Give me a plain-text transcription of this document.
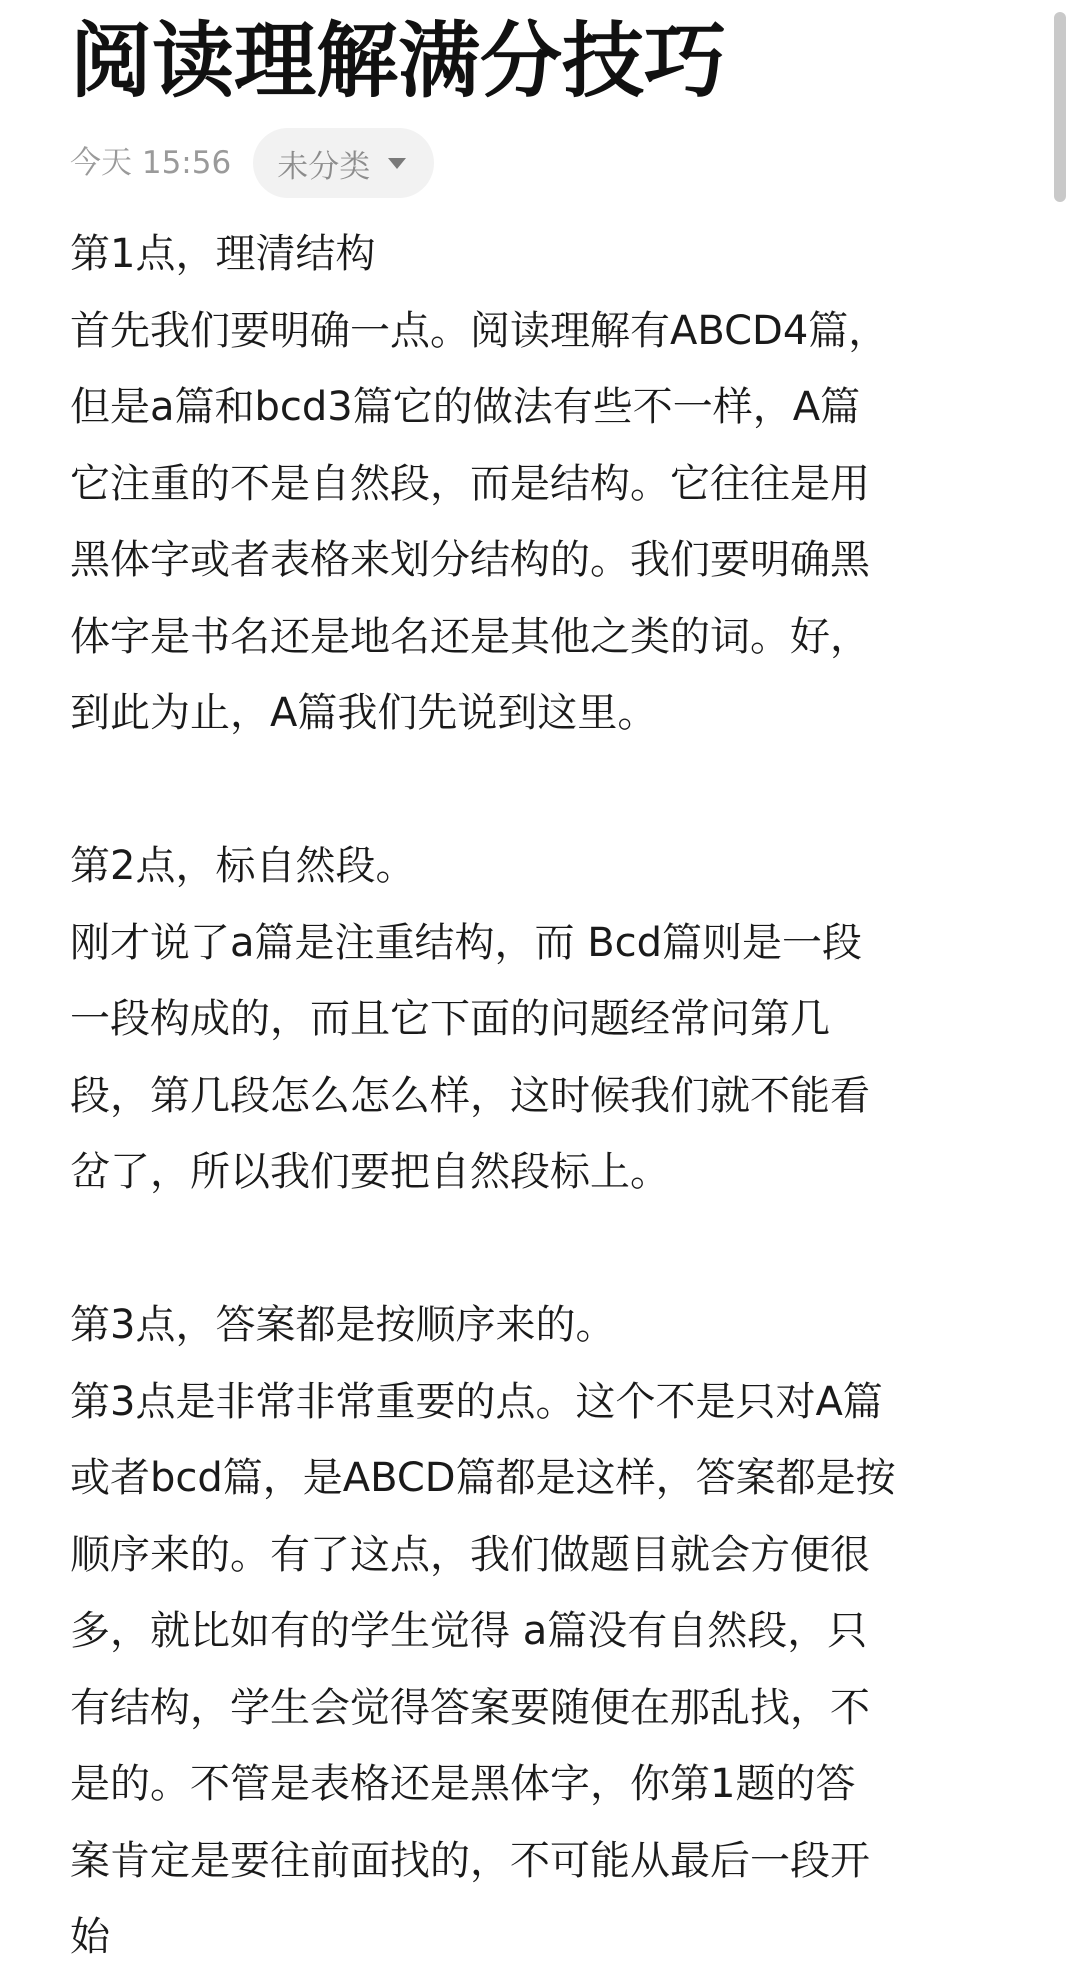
阅读理解满分技巧
今天 15:56 未分类
第1点，理清结构
首先我们要明确一点。阅读理解有ABCD4篇，
但是a篇和bcd3篇它的做法有些不一样，A篇
它注重的不是自然段，而是结构。它往往是用
黑体字或者表格来划分结构的。我们要明确黑
体字是书名还是地名还是其他之类的词。好，
到此为止，A篇我们先说到这里。
第2点，标自然段。
刚才说了a篇是注重结构，而 Bcd篇则是一段
一段构成的，而且它下面的问题经常问第几
段，第几段怎么怎么样，这时候我们就不能看
岔了，所以我们要把自然段标上。
第3点，答案都是按顺序来的。
第3点是非常非常重要的点。这个不是只对A篇
或者bcd篇，是ABCD篇都是这样，答案都是按
顺序来的。有了这点，我们做题目就会方便很
多，就比如有的学生觉得 a篇没有自然段，只
有结构，学生会觉得答案要随便在那乱找，不
是的。不管是表格还是黑体字，你第1题的答
案肯定是要往前面找的，不可能从最后一段开
始
